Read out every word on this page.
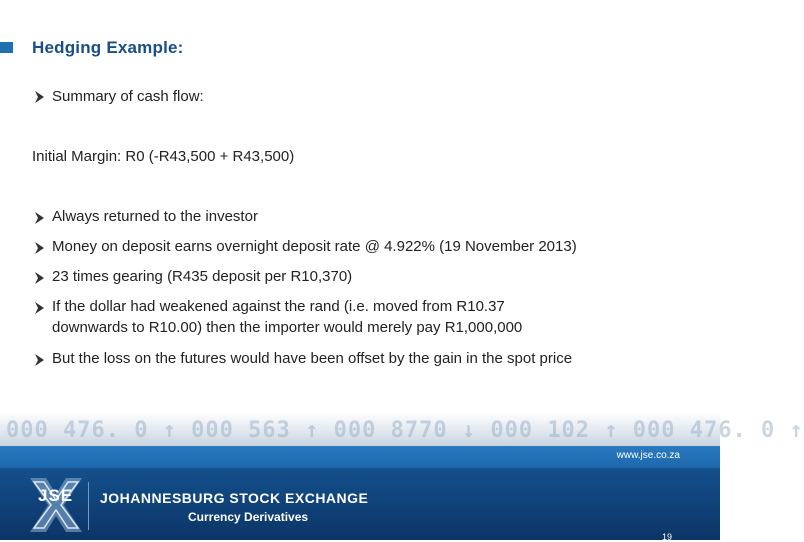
Hedging Example:
Summary of cash flow:
Initial Margin: R0 (-R43,500 + R43,500)
Always returned to the investor
Money on deposit earns overnight deposit rate @ 4.922% (19 November 2013)
23 times gearing (R435 deposit per R10,370)
If the dollar had weakened against the rand (i.e. moved from R10.37
downwards to R10.00) then the importer would merely pay R1,000,000
But the loss on the futures would have been offset by the gain in the spot price
000 476. 0 ↑ 000 563 ↑ 000 8770 ↓ 000 102 ↑ 000 476. 0 ↑
www.jse.co.za
JSE JOHANNESBURG STOCK EXCHANGE
Currency Derivatives
19
